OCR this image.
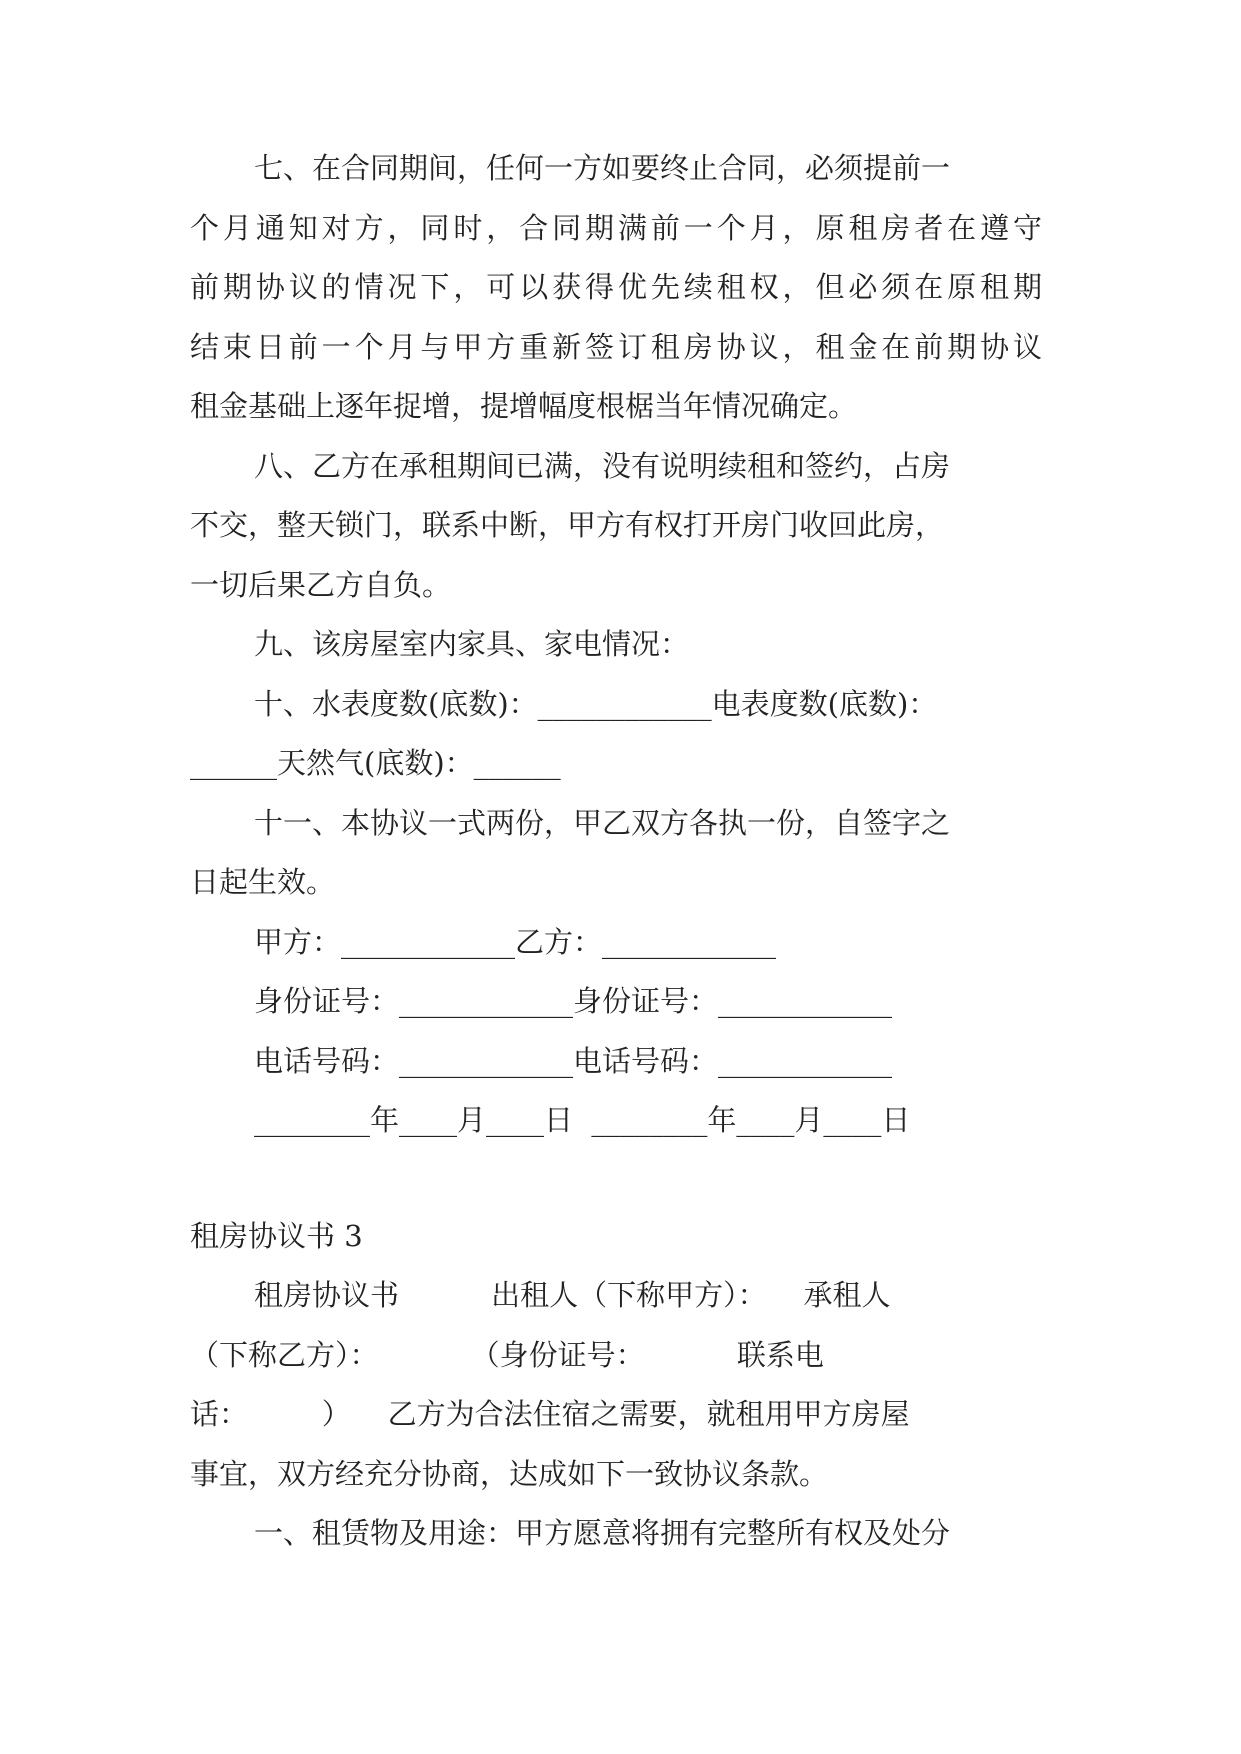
七、在合同期间，任何一方如要终止合同，必须提前一
个月通知对方，同时，合同期满前一个月，原租房者在遵守
前期协议的情况下，可以获得优先续租权，但必须在原租期
结束日前一个月与甲方重新签订租房协议，租金在前期协议
租金基础上逐年捉增，提增幅度根椐当年情况确定。
八、乙方在承租期间已满，没有说明续租和签约，占房
不交，整天锁门，联系中断，甲方有权打开房门收回此房，
一切后果乙方自负。
九、该房屋室内家具、家电情况：
十、水表度数(底数)：____________电表度数(底数)：
______天然气(底数)：______
十一、本协议一式两份，甲乙双方各执一份，自签字之
日起生效。
甲方：____________乙方：____________
身份证号：____________身份证号：____________
电话号码：____________电话号码：____________
________年____月____日  ________年____月____日
租房协议书 3
租房协议书          出租人（下称甲方）：    承租人
（下称乙方）：          （身份证号：          联系电
话：        ）    乙方为合法住宿之需要，就租用甲方房屋
事宜，双方经充分协商，达成如下一致协议条款。
一、租赁物及用途：甲方愿意将拥有完整所有权及处分
